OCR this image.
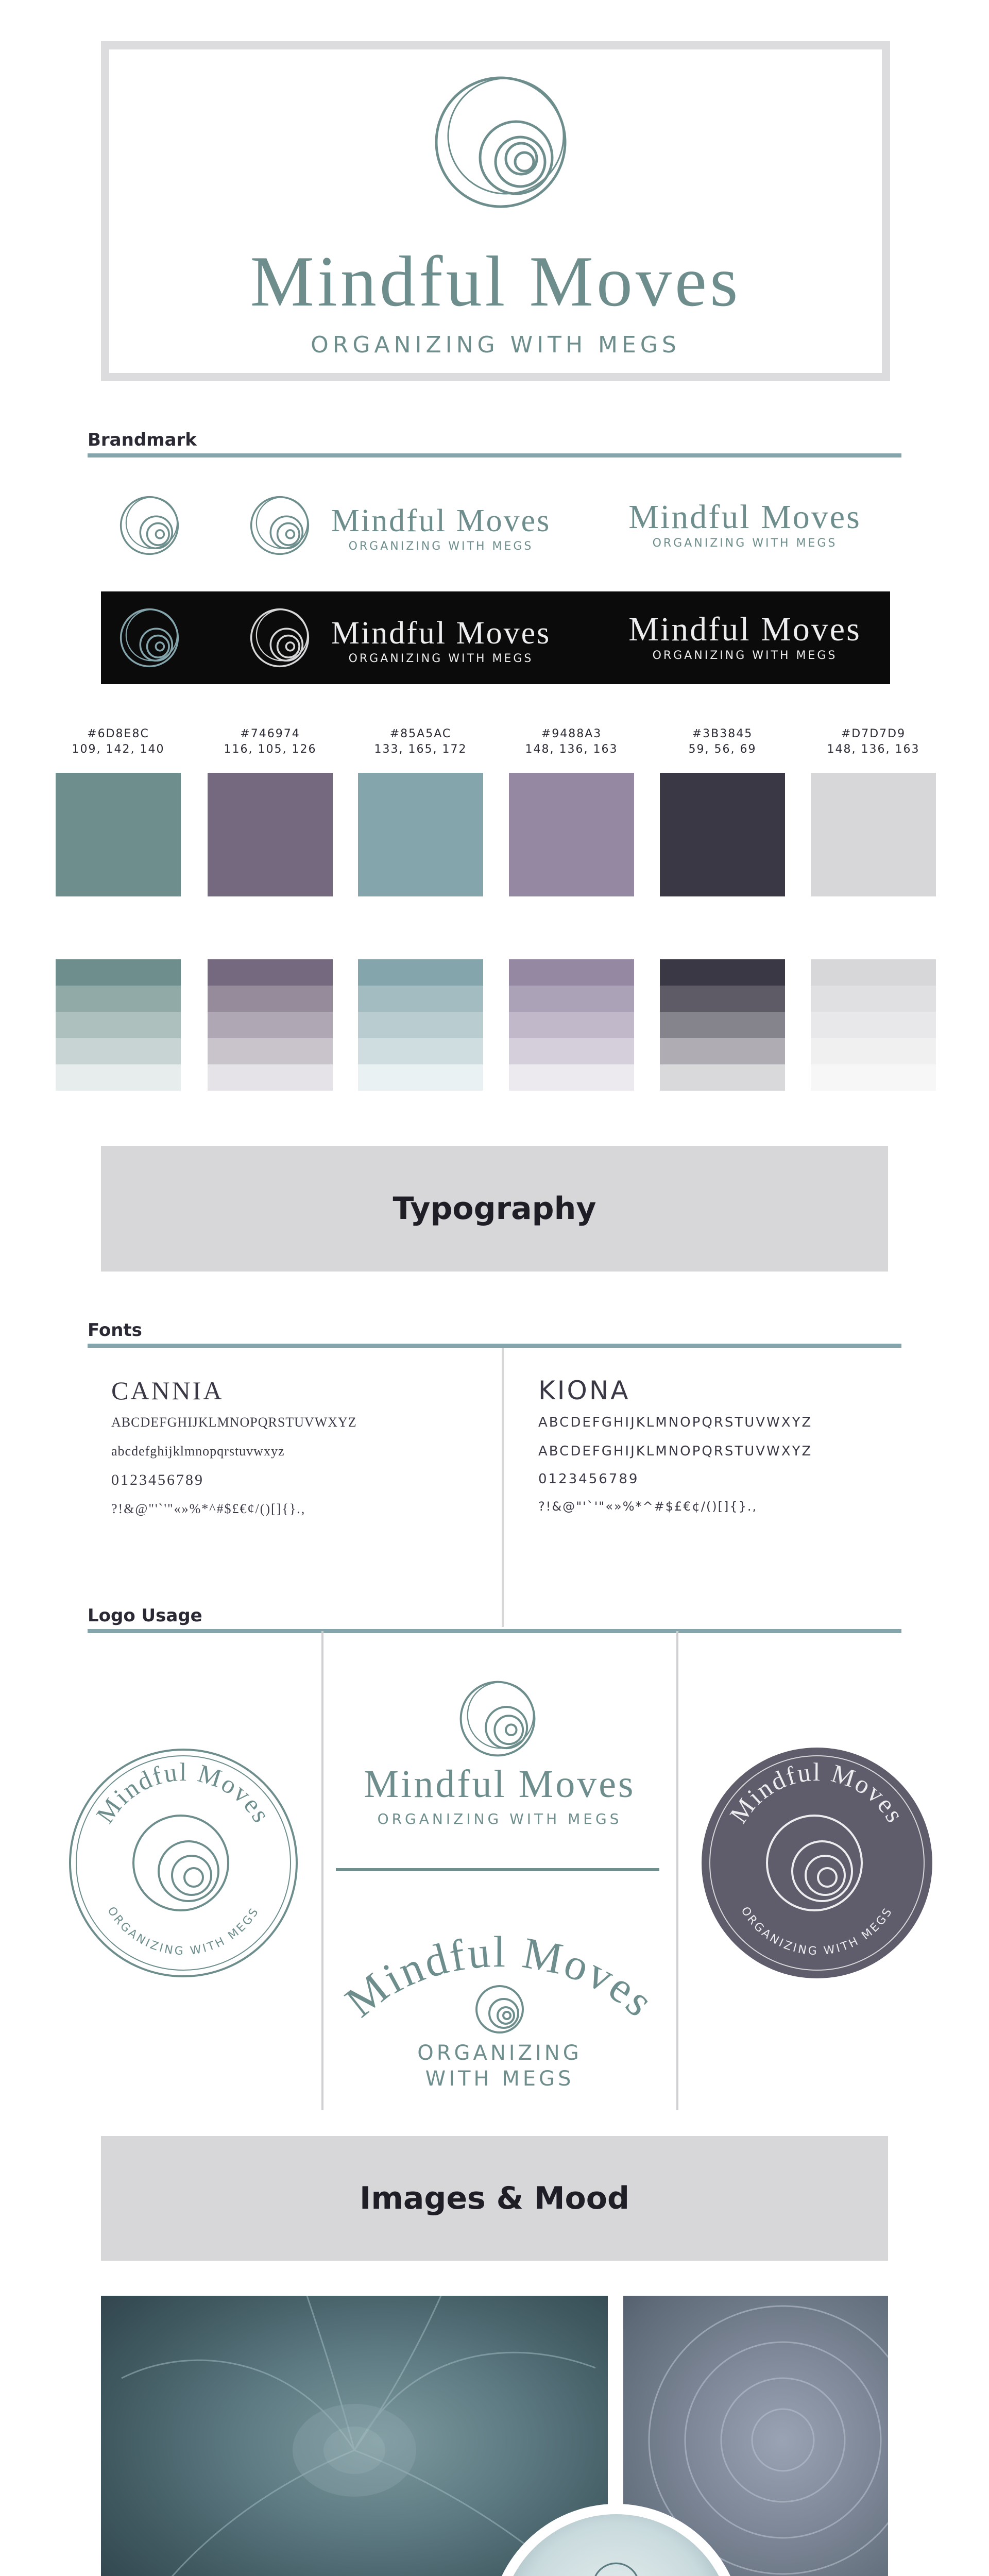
Mindful Moves
ORGANIZING WITH MEGS
Brandmark
Mindful Moves
ORGANIZING WITH MEGS
Mindful Moves
ORGANIZING WITH MEGS
Mindful Moves
ORGANIZING WITH MEGS
Mindful Moves
ORGANIZING WITH MEGS
#6D8E8C
109, 142, 140
#746974
116, 105, 126
#85A5AC
133, 165, 172
#9488A3
148, 136, 163
#3B3845
59, 56, 69
#D7D7D9
148, 136, 163
Typography
Fonts
CANNIA
ABCDEFGHIJKLMNOPQRSTUVWXYZ
abcdefghijklmnopqrstuvwxyz
0123456789
?!&@"'`'"«»%*^#$£€¢/()[]{}.,
KIONA
ABCDEFGHIJKLMNOPQRSTUVWXYZ
ABCDEFGHIJKLMNOPQRSTUVWXYZ
0123456789
?!&@"'`'"«»%*^#$£€¢/()[]{}.,
Logo Usage
Mindful Moves
ORGANIZING WITH MEGS
Mindful Moves
ORGANIZING WITH MEGS
Mindful Moves
ORGANIZING
WITH MEGS
Mindful Moves
ORGANIZING WITH MEGS
Images & Mood
